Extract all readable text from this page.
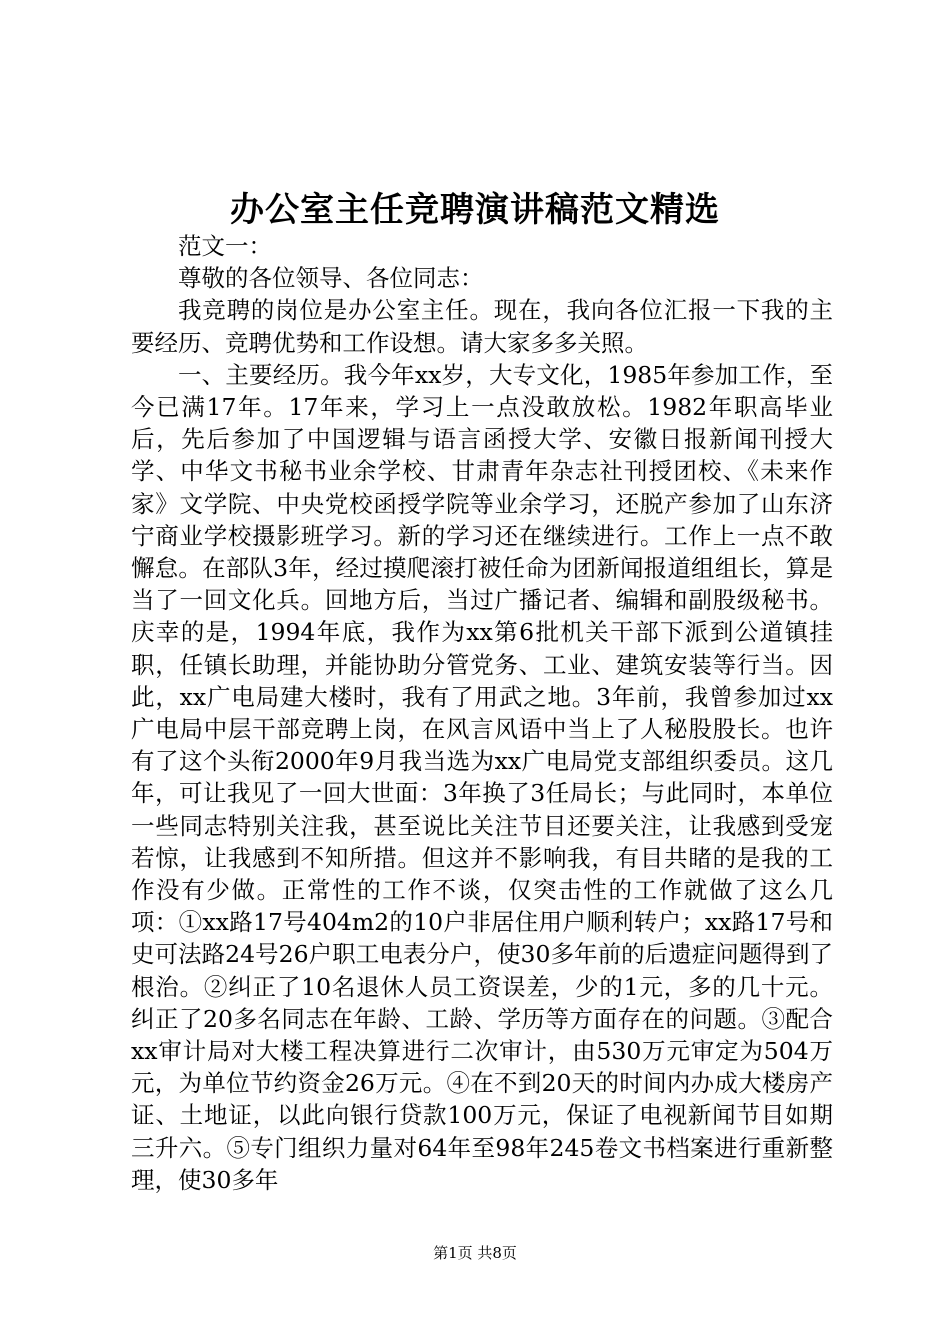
办公室主任竞聘演讲稿范文精选

范文一：

尊敬的各位领导、各位同志：

我竞聘的岗位是办公室主任。现在，我向各位汇报一下我的主要经历、竞聘优势和工作设想。请大家多多关照。

一、主要经历。我今年xx岁，大专文化，1985年参加工作，至今已满17年。17年来，学习上一点没敢放松。1982年职高毕业后，先后参加了中国逻辑与语言函授大学、安徽日报新闻刊授大学、中华文书秘书业余学校、甘肃青年杂志社刊授团校、《未来作家》文学院、中央党校函授学院等业余学习，还脱产参加了山东济宁商业学校摄影班学习。新的学习还在继续进行。工作上一点不敢懈怠。在部队3年，经过摸爬滚打被任命为团新闻报道组组长，算是当了一回文化兵。回地方后，当过广播记者、编辑和副股级秘书。庆幸的是，1994年底，我作为xx第6批机关干部下派到公道镇挂职，任镇长助理，并能协助分管党务、工业、建筑安装等行当。因此，xx广电局建大楼时，我有了用武之地。3年前，我曾参加过xx广电局中层干部竞聘上岗，在风言风语中当上了人秘股股长。也许有了这个头衔2000年9月我当选为xx广电局党支部组织委员。这几年，可让我见了一回大世面：3年换了3任局长；与此同时，本单位一些同志特别关注我，甚至说比关注节目还要关注，让我感到受宠若惊，让我感到不知所措。但这并不影响我，有目共睹的是我的工作没有少做。正常性的工作不谈，仅突击性的工作就做了这么几项：①xx路17号404m2的10户非居住用户顺利转户；xx路17号和史可法路24号26户职工电表分户，使30多年前的后遗症问题得到了根治。②纠正了10名退休人员工资误差，少的1元，多的几十元。纠正了20多名同志在年龄、工龄、学历等方面存在的问题。③配合xx审计局对大楼工程决算进行二次审计，由530万元审定为504万元，为单位节约资金26万元。④在不到20天的时间内办成大楼房产证、土地证，以此向银行贷款100万元，保证了电视新闻节目如期三升六。⑤专门组织力量对64年至98年245卷文书档案进行重新整理，使30多年

第1页 共8页
